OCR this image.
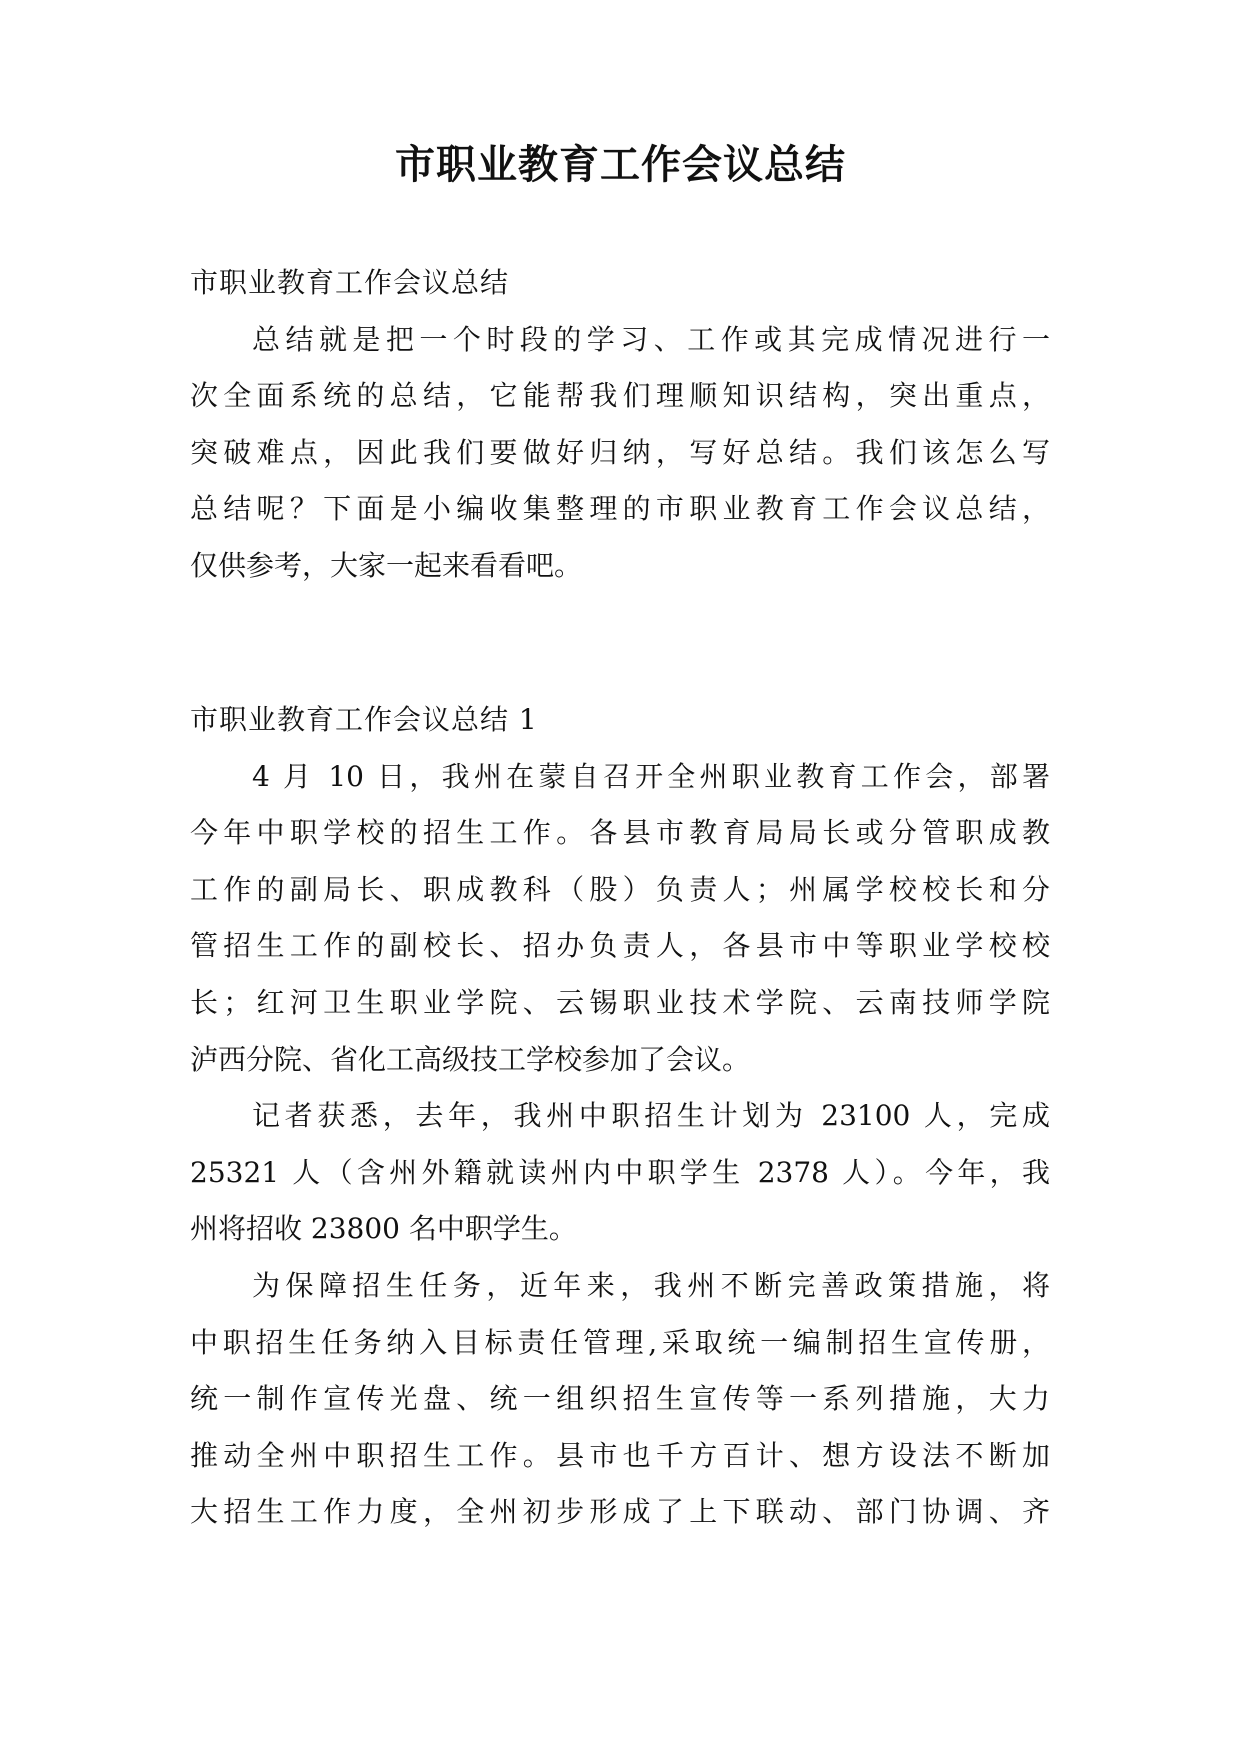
市职业教育工作会议总结
市职业教育工作会议总结
总结就是把一个时段的学习、工作或其完成情况进行一
次全面系统的总结，它能帮我们理顺知识结构，突出重点，
突破难点，因此我们要做好归纳，写好总结。我们该怎么写
总结呢？下面是小编收集整理的市职业教育工作会议总结，
仅供参考，大家一起来看看吧。
市职业教育工作会议总结 1
4 月 10 日，我州在蒙自召开全州职业教育工作会，部署
今年中职学校的招生工作。各县市教育局局长或分管职成教
工作的副局长、职成教科（股）负责人；州属学校校长和分
管招生工作的副校长、招办负责人，各县市中等职业学校校
长；红河卫生职业学院、云锡职业技术学院、云南技师学院
泸西分院、省化工高级技工学校参加了会议。
记者获悉，去年，我州中职招生计划为 23100 人，完成
25321 人（含州外籍就读州内中职学生 2378 人）。今年，我
州将招收 23800 名中职学生。
为保障招生任务，近年来，我州不断完善政策措施，将
中职招生任务纳入目标责任管理,采取统一编制招生宣传册，
统一制作宣传光盘、统一组织招生宣传等一系列措施，大力
推动全州中职招生工作。县市也千方百计、想方设法不断加
大招生工作力度，全州初步形成了上下联动、部门协调、齐
